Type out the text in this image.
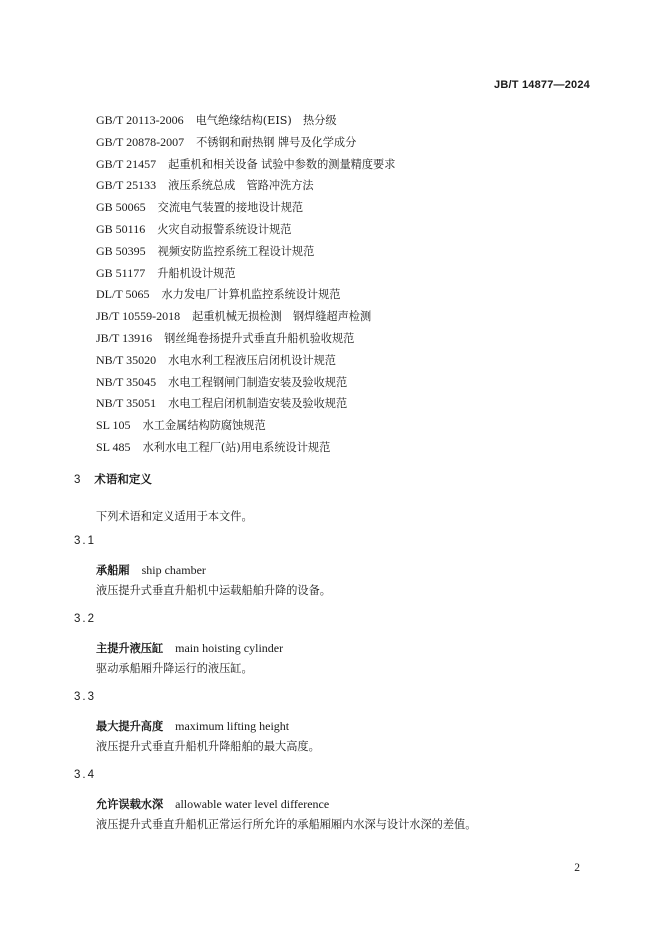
JB/T 14877—2024
GB/T 20113-2006 电气绝缘结构(EIS)　热分级
GB/T 20878-2007 不锈钢和耐热钢 牌号及化学成分
GB/T 21457 起重机和相关设备 试验中参数的测量精度要求
GB/T 25133 液压系统总成　管路冲洗方法
GB 50065 交流电气装置的接地设计规范
GB 50116 火灾自动报警系统设计规范
GB 50395 视频安防监控系统工程设计规范
GB 51177 升船机设计规范
DL/T 5065 水力发电厂计算机监控系统设计规范
JB/T 10559-2018 起重机械无损检测　钢焊缝超声检测
JB/T 13916 钢丝绳卷扬提升式垂直升船机验收规范
NB/T 35020 水电水利工程液压启闭机设计规范
NB/T 35045 水电工程钢闸门制造安装及验收规范
NB/T 35051 水电工程启闭机制造安装及验收规范
SL 105 水工金属结构防腐蚀规范
SL 485 水利水电工程厂(站)用电系统设计规范
3 术语和定义
下列术语和定义适用于本文件。
3.1
承船厢 ship chamber
液压提升式垂直升船机中运载船舶升降的设备。
3.2
主提升液压缸 main hoisting cylinder
驱动承船厢升降运行的液压缸。
3.3
最大提升高度 maximum lifting height
液压提升式垂直升船机升降船舶的最大高度。
3.4
允许误载水深 allowable water level difference
液压提升式垂直升船机正常运行所允许的承船厢厢内水深与设计水深的差值。
2
